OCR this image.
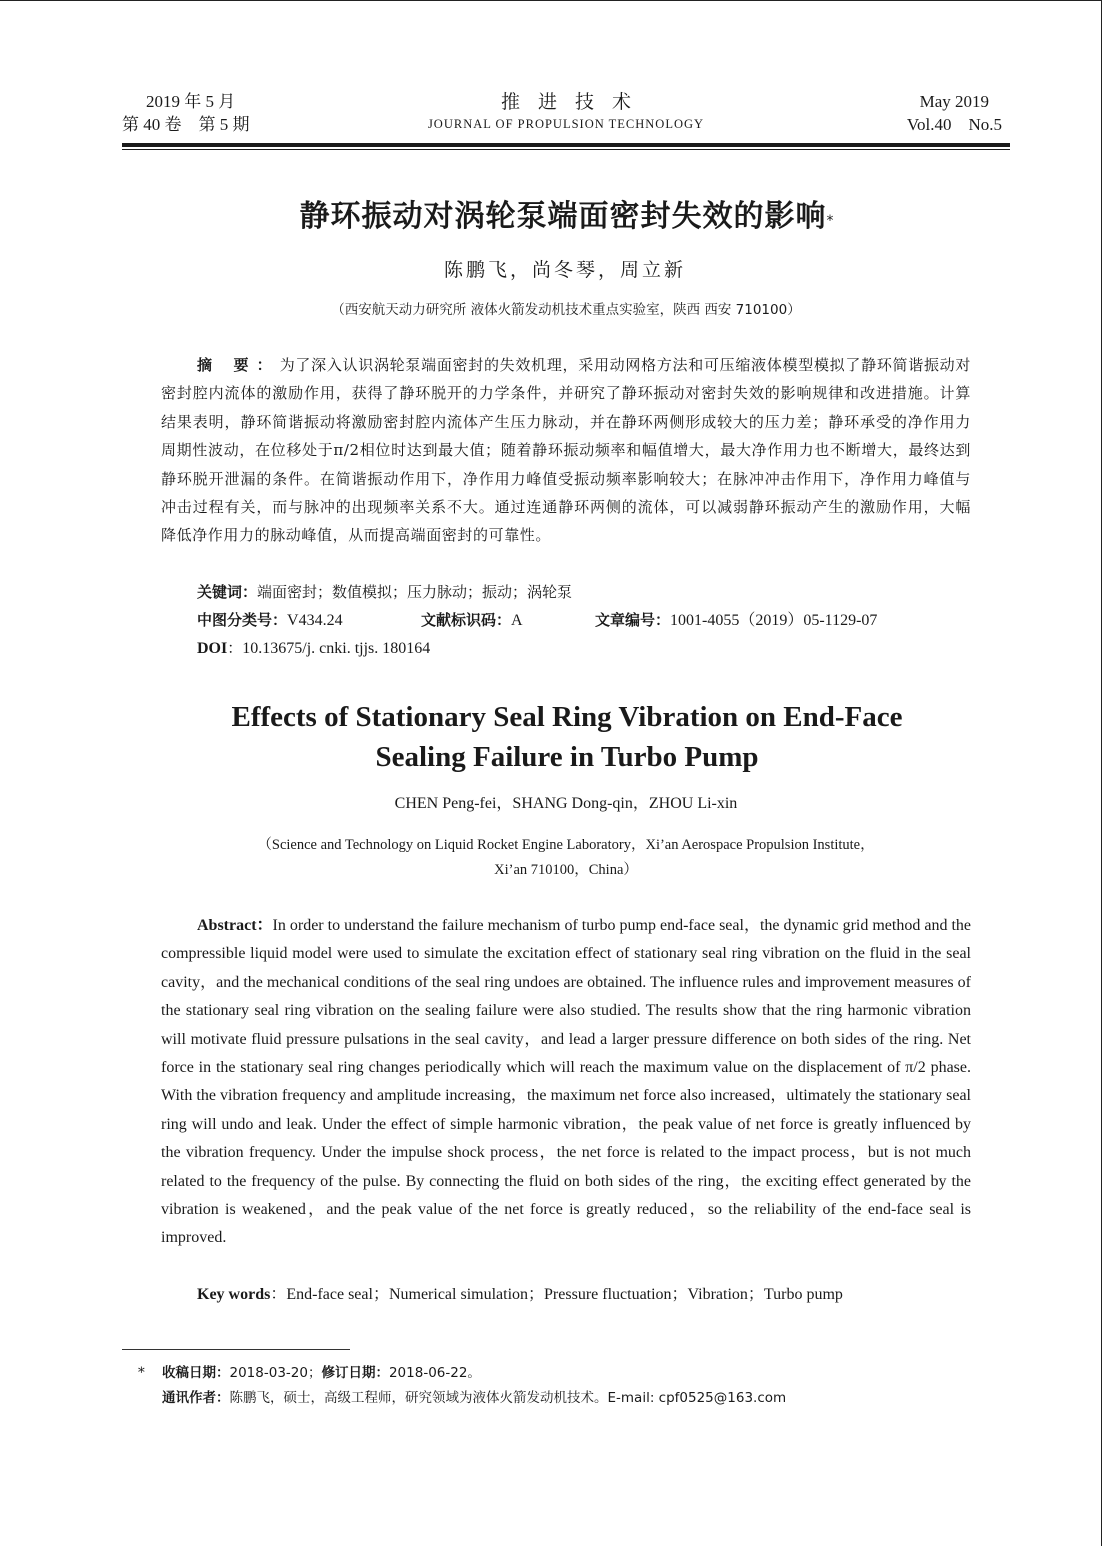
2019 年 5 月
第 40 卷　第 5 期
推进技术
JOURNAL OF PROPULSION TECHNOLOGY
May 2019
Vol.40　No.5
静环振动对涡轮泵端面密封失效的影响*
陈鹏飞，尚冬琴，周立新
（西安航天动力研究所 液体火箭发动机技术重点实验室，陕西 西安 710100）
摘 要：为了深入认识涡轮泵端面密封的失效机理，采用动网格方法和可压缩液体模型模拟了静环简谐振动对密封腔内流体的激励作用，获得了静环脱开的力学条件，并研究了静环振动对密封失效的影响规律和改进措施。计算结果表明，静环简谐振动将激励密封腔内流体产生压力脉动，并在静环两侧形成较大的压力差；静环承受的净作用力周期性波动，在位移处于π/2相位时达到最大值；随着静环振动频率和幅值增大，最大净作用力也不断增大，最终达到静环脱开泄漏的条件。在简谐振动作用下，净作用力峰值受振动频率影响较大；在脉冲冲击作用下，净作用力峰值与冲击过程有关，而与脉冲的出现频率关系不大。通过连通静环两侧的流体，可以减弱静环振动产生的激励作用，大幅降低净作用力的脉动峰值，从而提高端面密封的可靠性。
关键词：端面密封；数值模拟；压力脉动；振动；涡轮泵
中图分类号：V434.24	文献标识码：A	文章编号：1001-4055（2019）05-1129-07
DOI：10.13675/j. cnki. tjjs. 180164
Effects of Stationary Seal Ring Vibration on End-Face
Sealing Failure in Turbo Pump
CHEN Peng-fei，SHANG Dong-qin，ZHOU Li-xin
（Science and Technology on Liquid Rocket Engine Laboratory，Xi’an Aerospace Propulsion Institute，
Xi’an 710100，China）
Abstract：In order to understand the failure mechanism of turbo pump end-face seal，the dynamic grid method and the compressible liquid model were used to simulate the excitation effect of stationary seal ring vibration on the fluid in the seal cavity，and the mechanical conditions of the seal ring undoes are obtained. The influence rules and improvement measures of the stationary seal ring vibration on the sealing failure were also studied. The results show that the ring harmonic vibration will motivate fluid pressure pulsations in the seal cavity，and lead a larger pressure difference on both sides of the ring. Net force in the stationary seal ring changes periodically which will reach the maximum value on the displacement of π/2 phase. With the vibration frequency and amplitude increasing，the maximum net force also increased，ultimately the stationary seal ring will undo and leak. Under the effect of simple harmonic vibration，the peak value of net force is greatly influenced by the vibration frequency. Under the impulse shock process，the net force is related to the impact process，but is not much related to the frequency of the pulse. By connecting the fluid on both sides of the ring，the exciting effect generated by the vibration is weakened，and the peak value of the net force is greatly reduced，so the reliability of the end-face seal is improved.
Key words：End-face seal；Numerical simulation；Pressure fluctuation；Vibration；Turbo pump
* 收稿日期：2018-03-20；修订日期：2018-06-22。
通讯作者：陈鹏飞，硕士，高级工程师，研究领域为液体火箭发动机技术。E-mail: cpf0525@163.com
